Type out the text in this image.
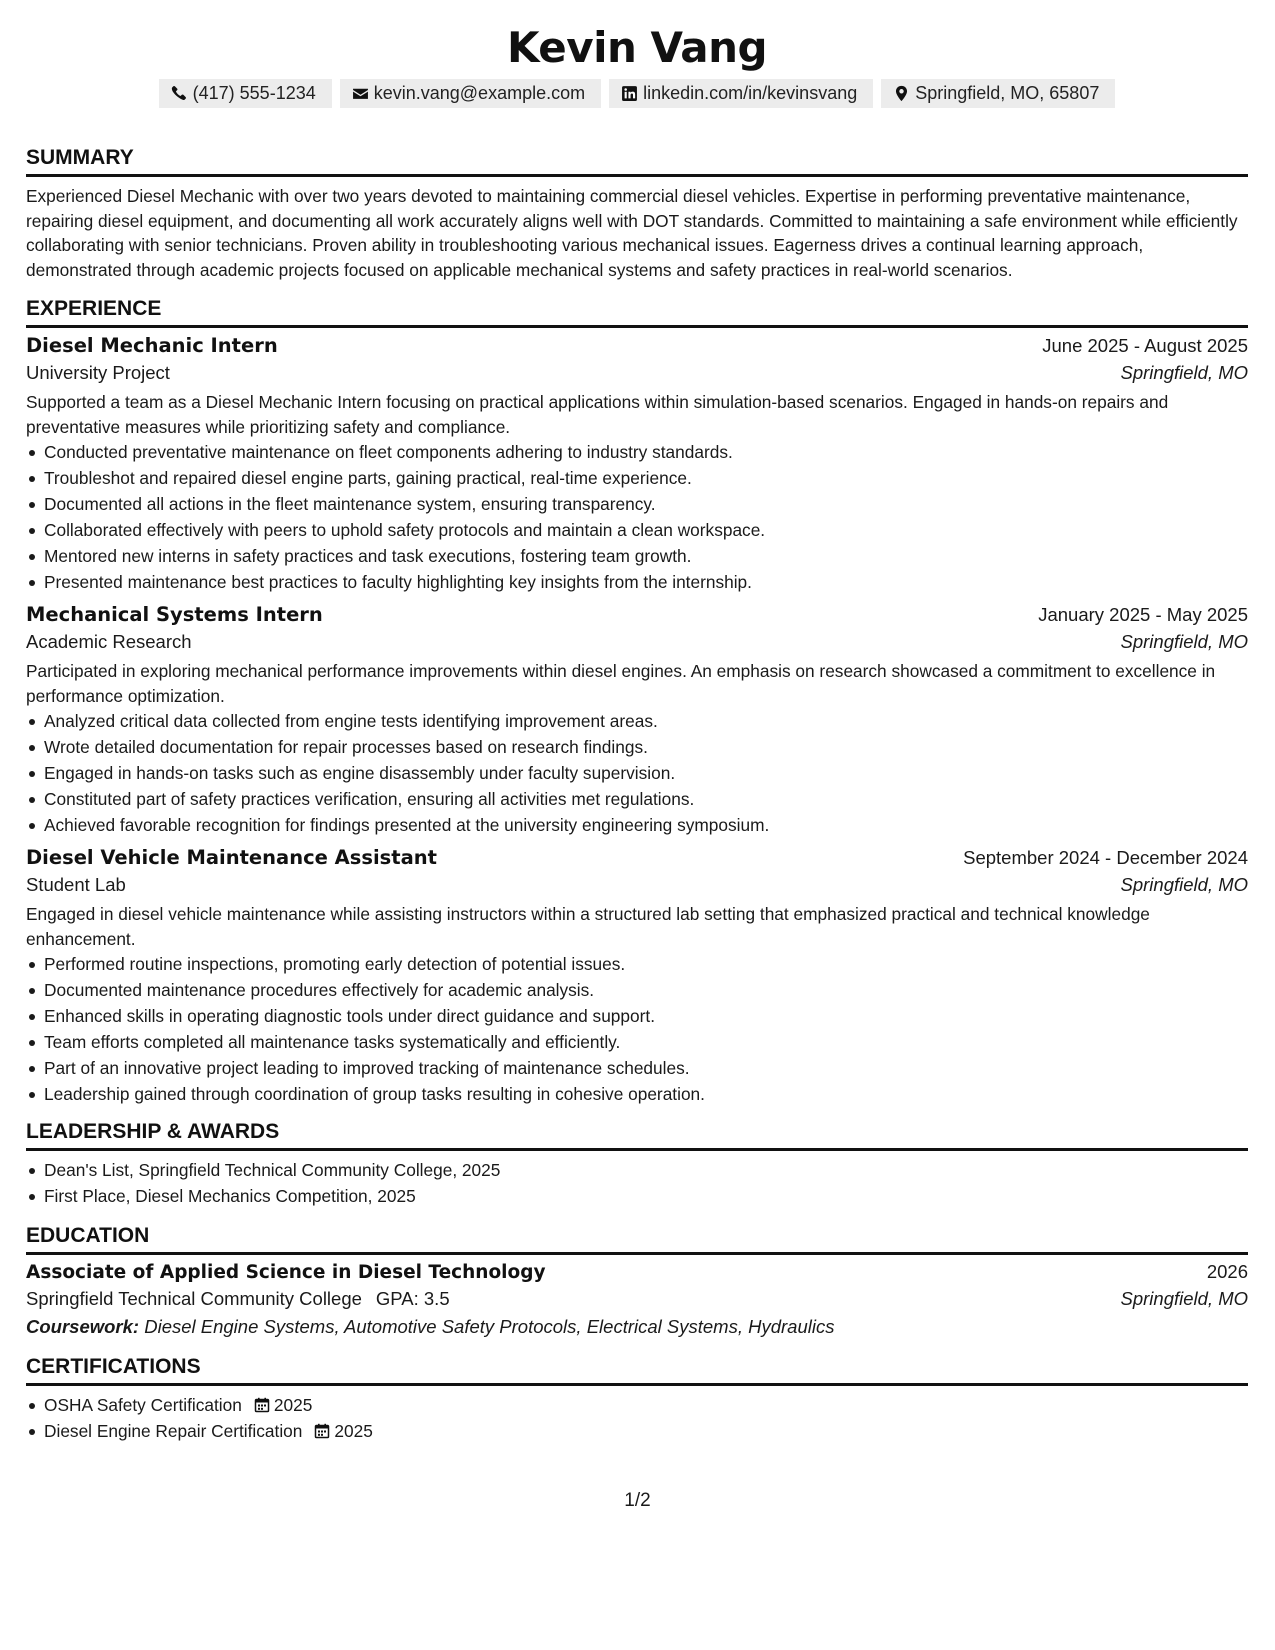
Kevin Vang
(417) 555-1234	kevin.vang@example.com	linkedin.com/in/kevinsvang	Springfield, MO, 65807
SUMMARY
Experienced Diesel Mechanic with over two years devoted to maintaining commercial diesel vehicles. Expertise in performing preventative maintenance, repairing diesel equipment, and documenting all work accurately aligns well with DOT standards. Committed to maintaining a safe environment while efficiently collaborating with senior technicians. Proven ability in troubleshooting various mechanical issues. Eagerness drives a continual learning approach, demonstrated through academic projects focused on applicable mechanical systems and safety practices in real-world scenarios.
EXPERIENCE
Diesel Mechanic Intern	June 2025 - August 2025
University Project	Springfield, MO
Supported a team as a Diesel Mechanic Intern focusing on practical applications within simulation-based scenarios. Engaged in hands-on repairs and preventative measures while prioritizing safety and compliance.
Conducted preventative maintenance on fleet components adhering to industry standards.
Troubleshot and repaired diesel engine parts, gaining practical, real-time experience.
Documented all actions in the fleet maintenance system, ensuring transparency.
Collaborated effectively with peers to uphold safety protocols and maintain a clean workspace.
Mentored new interns in safety practices and task executions, fostering team growth.
Presented maintenance best practices to faculty highlighting key insights from the internship.
Mechanical Systems Intern	January 2025 - May 2025
Academic Research	Springfield, MO
Participated in exploring mechanical performance improvements within diesel engines. An emphasis on research showcased a commitment to excellence in performance optimization.
Analyzed critical data collected from engine tests identifying improvement areas.
Wrote detailed documentation for repair processes based on research findings.
Engaged in hands-on tasks such as engine disassembly under faculty supervision.
Constituted part of safety practices verification, ensuring all activities met regulations.
Achieved favorable recognition for findings presented at the university engineering symposium.
Diesel Vehicle Maintenance Assistant	September 2024 - December 2024
Student Lab	Springfield, MO
Engaged in diesel vehicle maintenance while assisting instructors within a structured lab setting that emphasized practical and technical knowledge enhancement.
Performed routine inspections, promoting early detection of potential issues.
Documented maintenance procedures effectively for academic analysis.
Enhanced skills in operating diagnostic tools under direct guidance and support.
Team efforts completed all maintenance tasks systematically and efficiently.
Part of an innovative project leading to improved tracking of maintenance schedules.
Leadership gained through coordination of group tasks resulting in cohesive operation.
LEADERSHIP & AWARDS
Dean's List, Springfield Technical Community College, 2025
First Place, Diesel Mechanics Competition, 2025
EDUCATION
Associate of Applied Science in Diesel Technology	2026
Springfield Technical Community College GPA: 3.5	Springfield, MO
Coursework: Diesel Engine Systems, Automotive Safety Protocols, Electrical Systems, Hydraulics
CERTIFICATIONS
OSHA Safety Certification 2025
Diesel Engine Repair Certification 2025
1/2
